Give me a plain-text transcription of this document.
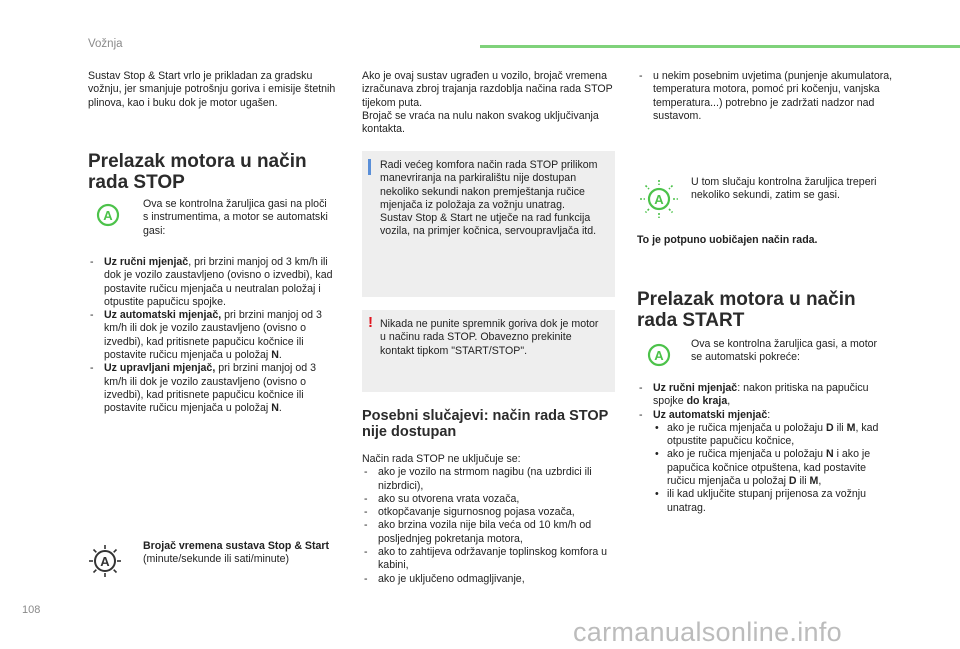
Vožnja

Sustav Stop & Start vrlo je prikladan za gradsku vožnju, jer smanjuje potrošnju goriva i emisije štetnih plinova, kao i buku dok je motor ugašen.

Prelazak motora u način rada STOP
A
Ova se kontrolna žaruljica gasi na ploči s instrumentima, a motor se automatski gasi:
- Uz ručni mjenjač, pri brzini manjoj od 3 km/h ili dok je vozilo zaustavljeno (ovisno o izvedbi), kad postavite ručicu mjenjača u neutralan položaj i otpustite papučicu spojke.
- Uz automatski mjenjač, pri brzini manjoj od 3 km/h ili dok je vozilo zaustavljeno (ovisno o izvedbi), kad pritisnete papučicu kočnice ili postavite ručicu mjenjača u položaj N.
- Uz upravljani mjenjač, pri brzini manjoj od 3 km/h ili dok je vozilo zaustavljeno (ovisno o izvedbi), kad pritisnete papučicu kočnice ili postavite ručicu mjenjača u položaj N.
A
Brojač vremena sustava Stop & Start
(minute/sekunde ili sati/minute)

Ako je ovaj sustav ugrađen u vozilo, brojač vremena izračunava zbroj trajanja razdoblja načina rada STOP tijekom puta.

Brojač se vraća na nulu nakon svakog uključivanja kontakta.

Radi većeg komfora način rada STOP prilikom manevriranja na parkiralištu nije dostupan nekoliko sekundi nakon premještanja ručice mjenjača iz položaja za vožnju unatrag.

Sustav Stop & Start ne utječe na rad funkcija vozila, na primjer kočnica, servoupravljača itd.

! Nikada ne punite spremnik goriva dok je motor u načinu rada STOP. Obavezno prekinite kontakt tipkom "START/STOP".

Posebni slučajevi: način rada STOP nije dostupan

Način rada STOP ne uključuje se:

- ako je vozilo na strmom nagibu (na uzbrdici ili nizbrdici),
- ako su otvorena vrata vozača,
- otkopčavanje sigurnosnog pojasa vozača,
- ako brzina vozila nije bila veća od 10 km/h od posljednjeg pokretanja motora,
- ako to zahtijeva održavanje toplinskog komfora u kabini,
- ako je uključeno odmagljivanje,
- u nekim posebnim uvjetima (punjenje akumulatora, temperatura motora, pomoć pri kočenju, vanjska temperatura...) potrebno je zadržati nadzor nad sustavom.
A
U tom slučaju kontrolna žaruljica treperi nekoliko sekundi, zatim se gasi.
To je potpuno uobičajen način rada.
Prelazak motora u način rada START
A
Ova se kontrolna žaruljica gasi, a motor se automatski pokreće:
- Uz ručni mjenjač: nakon pritiska na papučicu spojke do kraja,
- Uz automatski mjenjač:
• ako je ručica mjenjača u položaju D ili M, kad otpustite papučicu kočnice,
• ako je ručica mjenjača u položaju N i ako je papučica kočnice otpuštena, kad postavite ručicu mjenjača u položaj D ili M,
• ili kad uključite stupanj prijenosa za vožnju unatrag.
108
carmanualsonline.info
